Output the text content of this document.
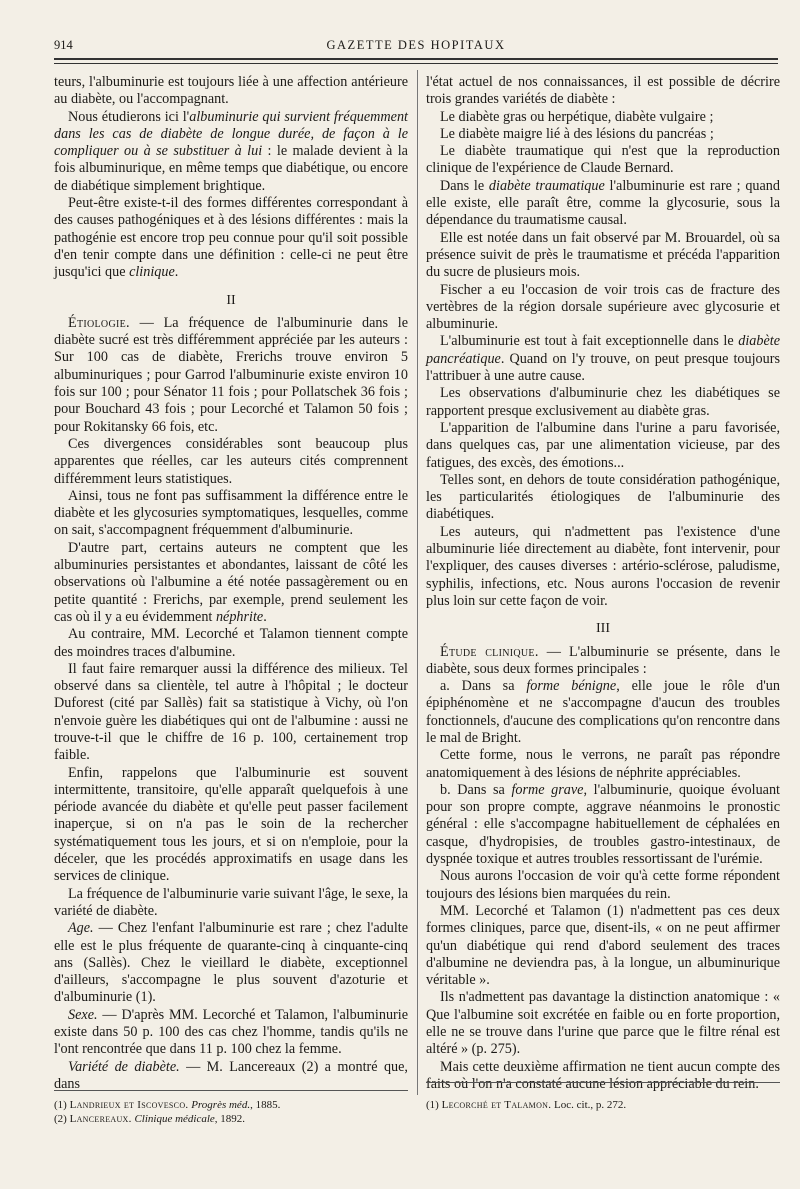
914	GAZETTE DES HOPITAUX

teurs, l'albuminurie est toujours liée à une affection antérieure au diabète, ou l'accompagnant.

Nous étudierons ici l'albuminurie qui survient fréquemment dans les cas de diabète de longue durée, de façon à le compliquer ou à se substituer à lui : le malade devient à la fois albuminurique, en même temps que diabétique, ou encore de diabétique simplement brightique.

Peut-être existe-t-il des formes différentes correspondant à des causes pathogéniques et à des lésions différentes : mais la pathogénie est encore trop peu connue pour qu'il soit possible d'en tenir compte dans une définition : celle-ci ne peut être jusqu'ici que clinique.

II

Étiologie. — La fréquence de l'albuminurie dans le diabète sucré est très différemment appréciée par les auteurs : Sur 100 cas de diabète, Frerichs trouve environ 5 albuminuriques ; pour Garrod l'albuminurie existe environ 10 fois sur 100 ; pour Sénator 11 fois ; pour Pollatschek 36 fois ; pour Bouchard 43 fois ; pour Lecorché et Talamon 50 fois ; pour Rokitansky 66 fois, etc.

Ces divergences considérables sont beaucoup plus apparentes que réelles, car les auteurs cités comprennent différemment leurs statistiques.

Ainsi, tous ne font pas suffisamment la différence entre le diabète et les glycosuries symptomatiques, lesquelles, comme on sait, s'accompagnent fréquemment d'albuminurie.

D'autre part, certains auteurs ne comptent que les albuminuries persistantes et abondantes, laissant de côté les observations où l'albumine a été notée passagèrement ou en petite quantité : Frerichs, par exemple, prend seulement les cas où il y a eu évidemment néphrite.

Au contraire, MM. Lecorché et Talamon tiennent compte des moindres traces d'albumine.

Il faut faire remarquer aussi la différence des milieux. Tel observé dans sa clientèle, tel autre à l'hôpital ; le docteur Duforest (cité par Sallès) fait sa statistique à Vichy, où l'on n'envoie guère les diabétiques qui ont de l'albumine : aussi ne trouve-t-il que le chiffre de 16 p. 100, certainement trop faible.

Enfin, rappelons que l'albuminurie est souvent intermittente, transitoire, qu'elle apparaît quelquefois à une période avancée du diabète et qu'elle peut passer facilement inaperçue, si on n'a pas le soin de la rechercher systématiquement tous les jours, et si on n'emploie, pour la déceler, que les procédés approximatifs en usage dans les services de clinique.

La fréquence de l'albuminurie varie suivant l'âge, le sexe, la variété de diabète.

Age. — Chez l'enfant l'albuminurie est rare ; chez l'adulte elle est le plus fréquente de quarante-cinq à cinquante-cinq ans (Sallès). Chez le vieillard le diabète, exceptionnel d'ailleurs, s'accompagne le plus souvent d'azoturie et d'albuminurie (1).

Sexe. — D'après MM. Lecorché et Talamon, l'albuminurie existe dans 50 p. 100 des cas chez l'homme, tandis qu'ils ne l'ont rencontrée que dans 11 p. 100 chez la femme.

Variété de diabète. — M. Lancereaux (2) a montré que, dans

(1) Landrieux et Iscovesco. Progrès méd., 1885.

(2) Lancereaux. Clinique médicale, 1892.

l'état actuel de nos connaissances, il est possible de décrire trois grandes variétés de diabète :

Le diabète gras ou herpétique, diabète vulgaire ;

Le diabète maigre lié à des lésions du pancréas ;

Le diabète traumatique qui n'est que la reproduction clinique de l'expérience de Claude Bernard.

Dans le diabète traumatique l'albuminurie est rare ; quand elle existe, elle paraît être, comme la glycosurie, sous la dépendance du traumatisme causal.

Elle est notée dans un fait observé par M. Brouardel, où sa présence suivit de près le traumatisme et précéda l'apparition du sucre de plusieurs mois.

Fischer a eu l'occasion de voir trois cas de fracture des vertèbres de la région dorsale supérieure avec glycosurie et albuminurie.

L'albuminurie est tout à fait exceptionnelle dans le diabète pancréatique. Quand on l'y trouve, on peut presque toujours l'attribuer à une autre cause.

Les observations d'albuminurie chez les diabétiques se rapportent presque exclusivement au diabète gras.

L'apparition de l'albumine dans l'urine a paru favorisée, dans quelques cas, par une alimentation vicieuse, par des fatigues, des excès, des émotions...

Telles sont, en dehors de toute considération pathogénique, les particularités étiologiques de l'albuminurie des diabétiques.

Les auteurs, qui n'admettent pas l'existence d'une albuminurie liée directement au diabète, font intervenir, pour l'expliquer, des causes diverses : artério-sclérose, paludisme, syphilis, infections, etc. Nous aurons l'occasion de revenir plus loin sur cette façon de voir.

III

Étude clinique. — L'albuminurie se présente, dans le diabète, sous deux formes principales :

a. Dans sa forme bénigne, elle joue le rôle d'un épiphénomène et ne s'accompagne d'aucun des troubles fonctionnels, d'aucune des complications qu'on rencontre dans le mal de Bright.

Cette forme, nous le verrons, ne paraît pas répondre anatomiquement à des lésions de néphrite appréciables.

b. Dans sa forme grave, l'albuminurie, quoique évoluant pour son propre compte, aggrave néanmoins le pronostic général : elle s'accompagne habituellement de céphalées en casque, d'hydropisies, de troubles gastro-intestinaux, de dyspnée toxique et autres troubles ressortissant de l'urémie.

Nous aurons l'occasion de voir qu'à cette forme répondent toujours des lésions bien marquées du rein.

MM. Lecorché et Talamon (1) n'admettent pas ces deux formes cliniques, parce que, disent-ils, « on ne peut affirmer qu'un diabétique qui rend d'abord seulement des traces d'albumine ne deviendra pas, à la longue, un albuminurique véritable ».

Ils n'admettent pas davantage la distinction anatomique : « Que l'albumine soit excrétée en faible ou en forte proportion, elle ne se trouve dans l'urine que parce que le filtre rénal est altéré » (p. 275).

Mais cette deuxième affirmation ne tient aucun compte des faits où l'on n'a constaté aucune lésion appréciable du rein.

(1) Lecorché et Talamon. Loc. cit., p. 272.
